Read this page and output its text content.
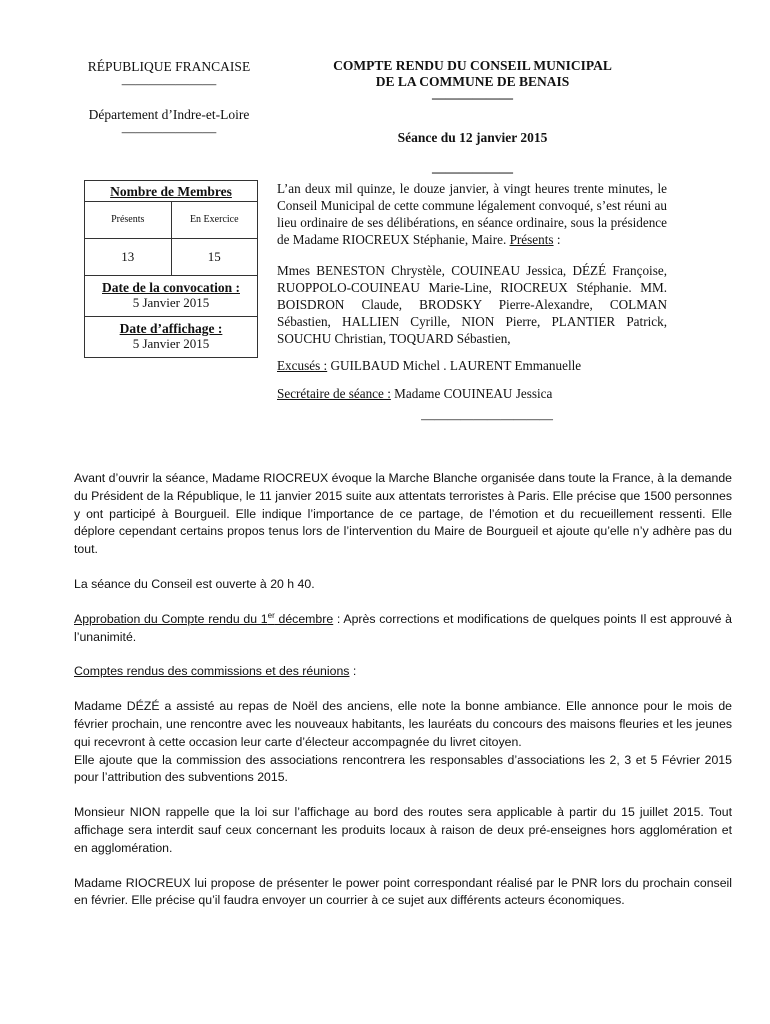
RÉPUBLIQUE FRANCAISE
———————
Département d’Indre-et-Loire
———————
COMPTE RENDU DU CONSEIL MUNICIPAL
DE LA COMMUNE DE BENAIS
——————
Séance du 12 janvier 2015
——————
Nombre de Membres
Présents	En Exercice
13	15
Date de la convocation :
5 Janvier 2015
Date d’affichage :
5 Janvier 2015

L’an deux mil quinze, le douze janvier, à vingt heures trente minutes, le Conseil Municipal de cette commune légalement convoqué, s’est réuni au lieu ordinaire de ses délibérations, en séance ordinaire, sous la présidence de Madame RIOCREUX Stéphanie, Maire. Présents :

Mmes BENESTON Chrystèle, COUINEAU Jessica, DÉZÉ Françoise, RUOPPOLO-COUINEAU Marie-Line, RIOCREUX Stéphanie. MM. BOISDRON Claude, BRODSKY Pierre-Alexandre, COLMAN Sébastien, HALLIEN Cyrille, NION Pierre, PLANTIER Patrick, SOUCHU Christian, TOQUARD Sébastien,

Excusés : GUILBAUD Michel . LAURENT Emmanuelle

Secrétaire de séance : Madame COUINEAU Jessica

——————————

Avant d’ouvrir la séance, Madame RIOCREUX évoque la Marche Blanche organisée dans toute la France, à la demande du Président de la République, le 11 janvier 2015 suite aux attentats terroristes à Paris. Elle précise que 1500 personnes y ont participé à Bourgueil. Elle indique l’importance de ce partage, de l’émotion et du recueillement ressenti. Elle déplore cependant certains propos tenus lors de l’intervention du Maire de Bourgueil et ajoute qu’elle n’y adhère pas du tout.

La séance du Conseil est ouverte à 20 h 40.

Approbation du Compte rendu du 1er décembre : Après corrections et modifications de quelques points Il est approuvé à l’unanimité.

Comptes rendus des commissions et des réunions :

Madame DÉZÉ a assisté au repas de Noël des anciens, elle note la bonne ambiance. Elle annonce pour le mois de février prochain, une rencontre avec les nouveaux habitants, les lauréats du concours des maisons fleuries et les jeunes qui recevront à cette occasion leur carte d’électeur accompagnée du livret citoyen.

Elle ajoute que la commission des associations rencontrera les responsables d’associations les 2, 3 et 5 Février 2015 pour l’attribution des subventions 2015.

Monsieur NION rappelle que la loi sur l’affichage au bord des routes sera applicable à partir du 15 juillet 2015. Tout affichage sera interdit sauf ceux concernant les produits locaux à raison de deux pré-enseignes hors agglomération et en agglomération.

Madame RIOCREUX lui propose de présenter le power point correspondant réalisé par le PNR lors du prochain conseil en février. Elle précise qu’il faudra envoyer un courrier à ce sujet aux différents acteurs économiques.
